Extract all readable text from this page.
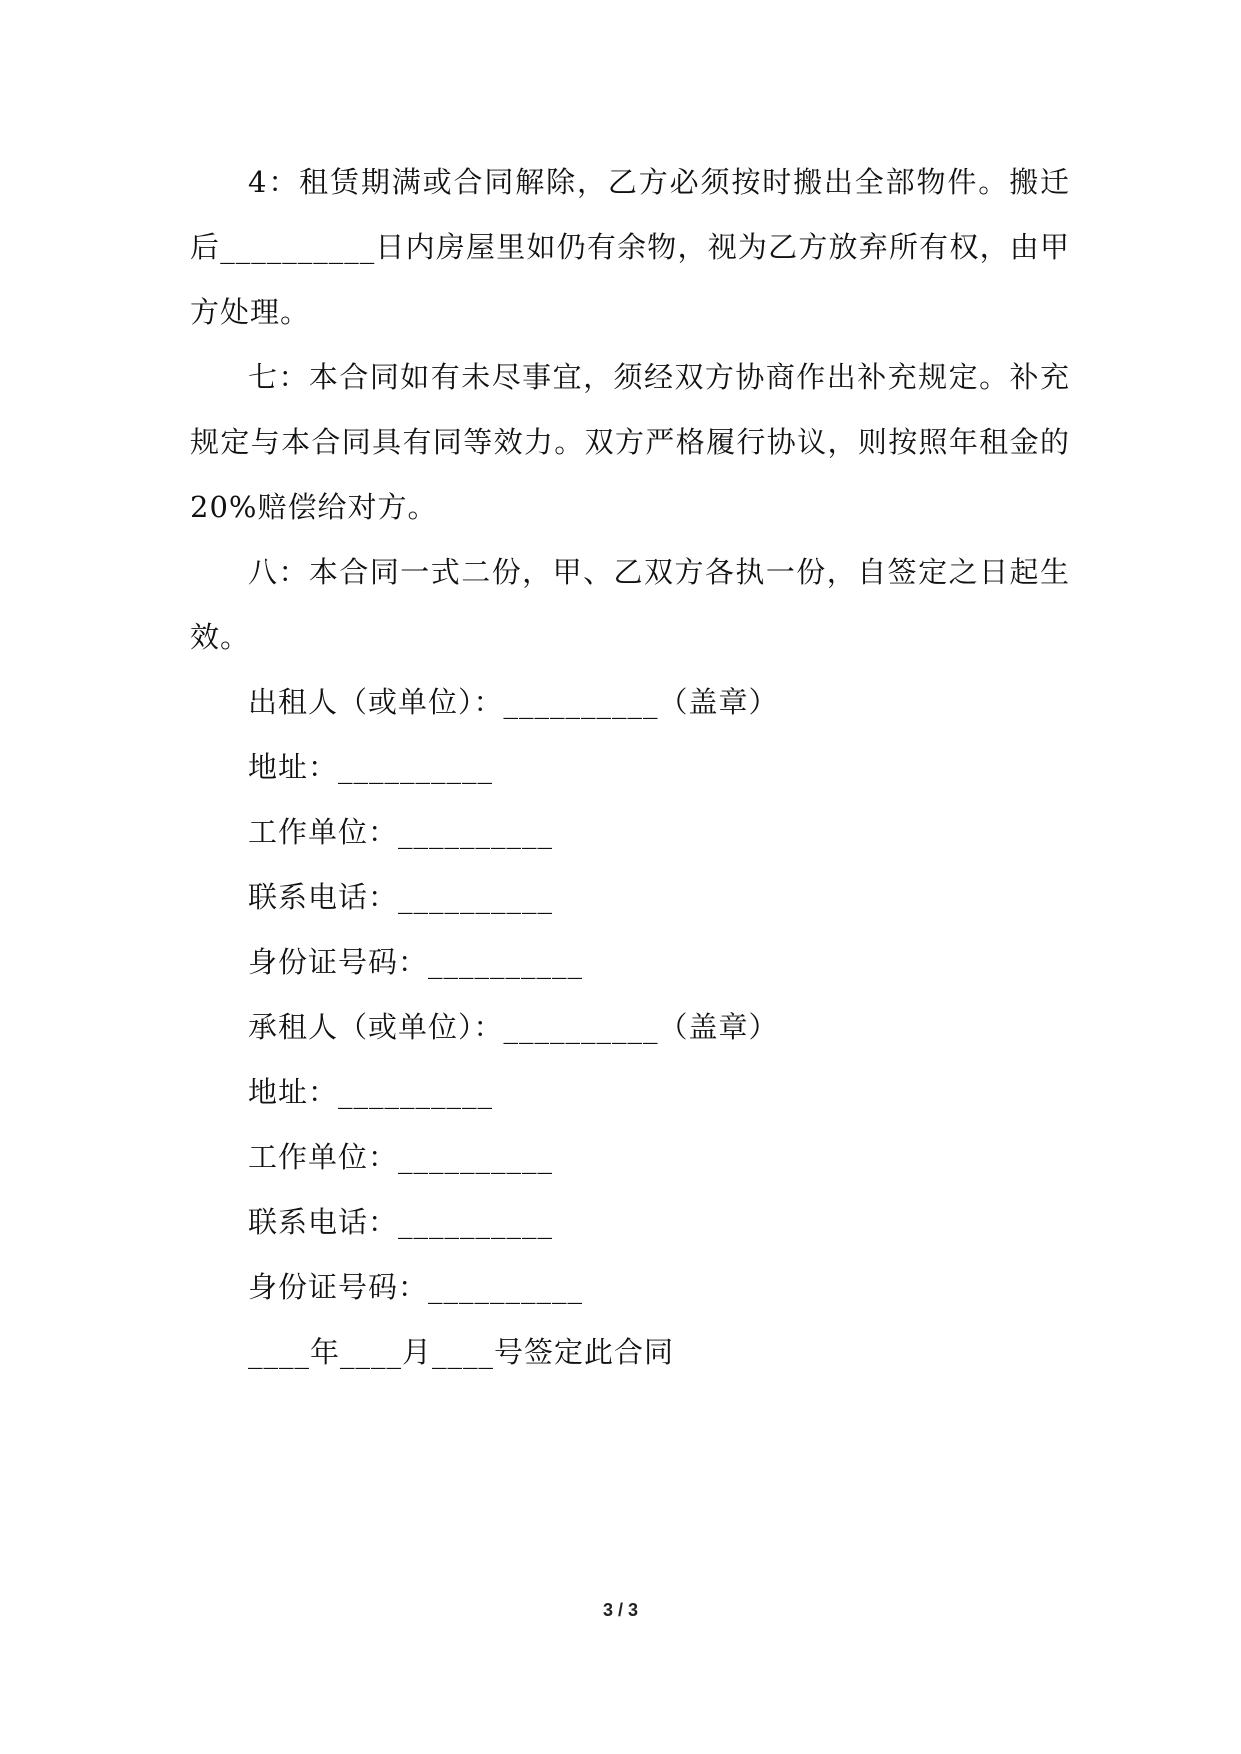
4：租赁期满或合同解除，乙方必须按时搬出全部物件。搬迁后__________日内房屋里如仍有余物，视为乙方放弃所有权，由甲方处理。

七：本合同如有未尽事宜，须经双方协商作出补充规定。补充规定与本合同具有同等效力。双方严格履行协议，则按照年租金的 20%赔偿给对方。

八：本合同一式二份，甲、乙双方各执一份，自签定之日起生效。

出租人（或单位）：__________（盖章）

地址：__________

工作单位：__________

联系电话：__________

身份证号码：__________

承租人（或单位）：__________（盖章）

地址：__________

工作单位：__________

联系电话：__________

身份证号码：__________

____年____月____号签定此合同

3 / 3
